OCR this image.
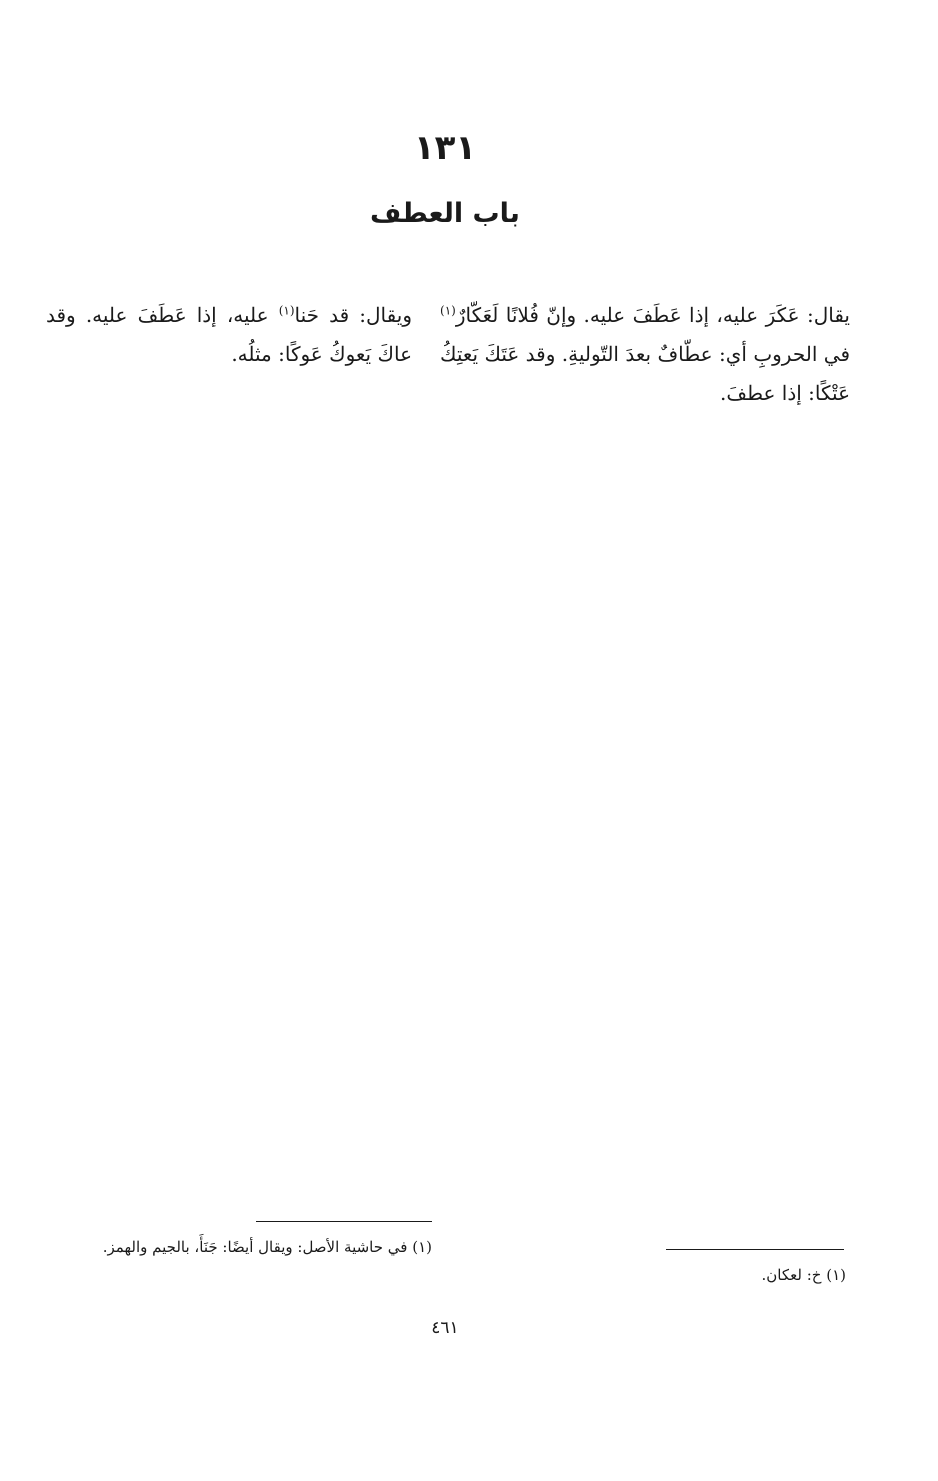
١٣١
باب العطف

يقال: عَكَرَ عليه، إذا عَطَفَ عليه. وإنّ فُلانًا لَعَكّارٌ$^{(١)}$ في الحروبِ أي: عطّافٌ بعدَ التّوليةِ. وقد عَتَكَ يَعتِكُ عَتْكًا: إذا عطفَ.

ويقال: قد حَنا$^{(١)}$ عليه، إذا عَطَفَ عليه. وقد عاكَ يَعوكُ عَوكًا: مثلُه.

(١) في حاشية الأصل: ويقال أيضًا: جَنَأَ، بالجيم والهمز.
(١) خ: لعكان.
٤٦١
